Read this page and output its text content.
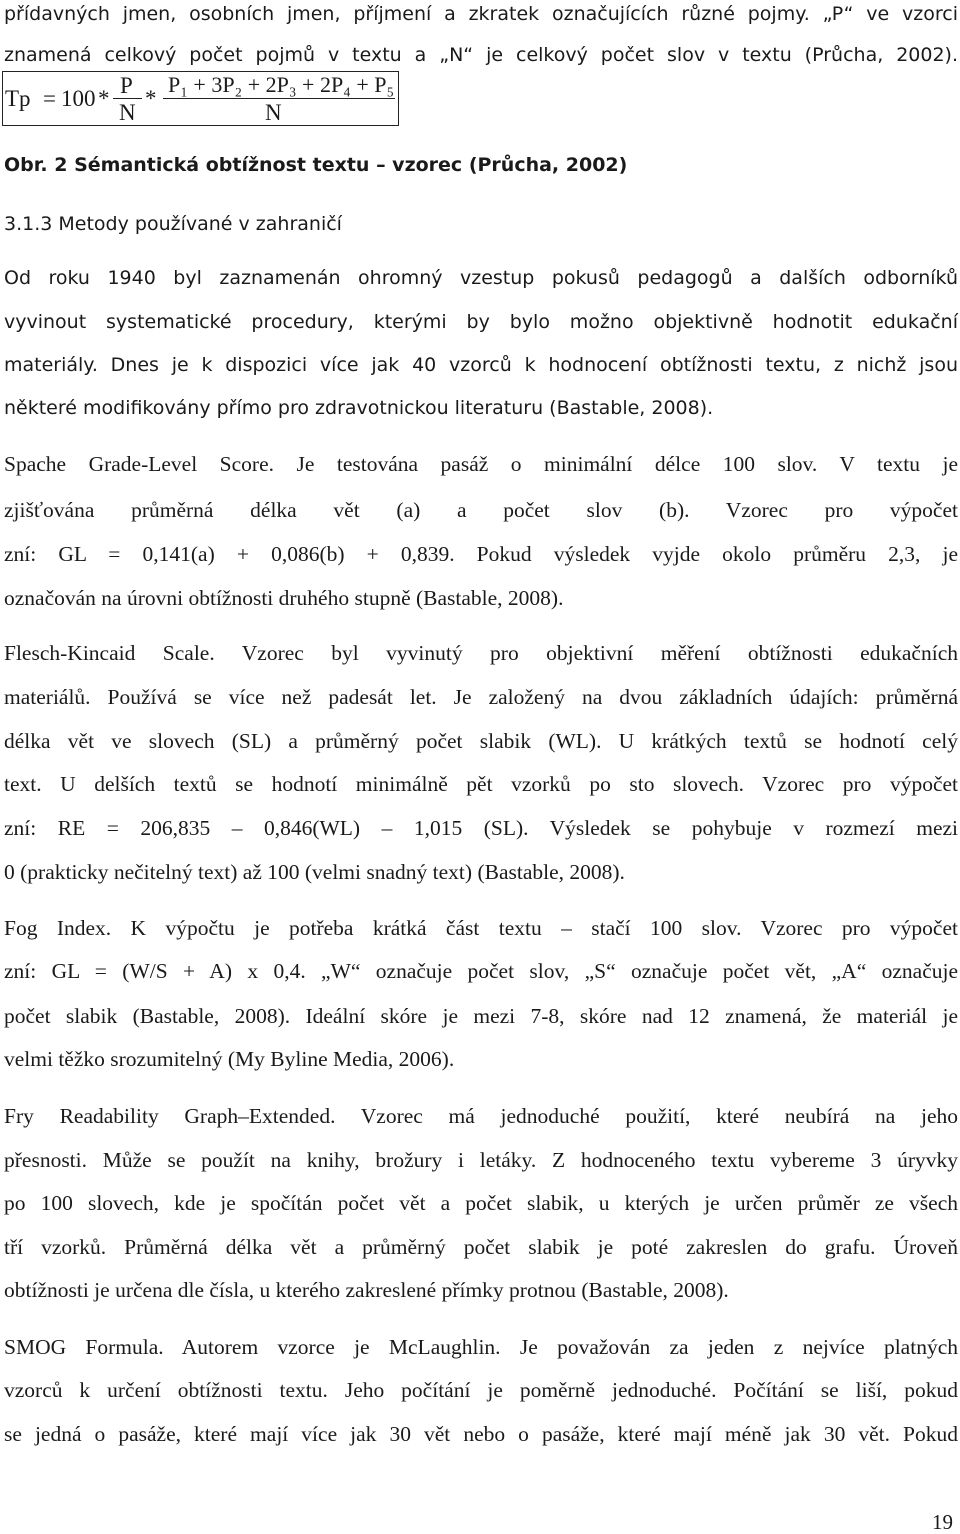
přídavných jmen, osobních jmen, příjmení a zkratek označujících různé pojmy. „P“ ve vzorci
znamená celkový počet pojmů v textu a „N“ je celkový počet slov v textu (Průcha, 2002).
Tp = 100 *
P
N
*
P₁ + 3P₂ + 2P₃ + 2P₄ + P₅
N
Obr. 2 Sémantická obtížnost textu – vzorec (Průcha, 2002)
3.1.3 Metody používané v zahraničí
Od roku 1940 byl zaznamenán ohromný vzestup pokusů pedagogů a dalších odborníků
vyvinout systematické procedury, kterými by bylo možno objektivně hodnotit edukační
materiály. Dnes je k dispozici více jak 40 vzorců k hodnocení obtížnosti textu, z nichž jsou
některé modifikovány přímo pro zdravotnickou literaturu (Bastable, 2008).
Spache Grade-Level Score. Je testována pasáž o minimální délce 100 slov. V textu je
zjišťována průměrná délka vět (a) a počet slov (b). Vzorec pro výpočet
zní: GL = 0,141(a) + 0,086(b) + 0,839. Pokud výsledek vyjde okolo průměru 2,3, je
označován na úrovni obtížnosti druhého stupně (Bastable, 2008).
Flesch-Kincaid Scale. Vzorec byl vyvinutý pro objektivní měření obtížnosti edukačních
materiálů. Používá se více než padesát let. Je založený na dvou základních údajích: průměrná
délka vět ve slovech (SL) a průměrný počet slabik (WL). U krátkých textů se hodnotí celý
text. U delších textů se hodnotí minimálně pět vzorků po sto slovech. Vzorec pro výpočet
zní: RE = 206,835 – 0,846(WL) – 1,015 (SL). Výsledek se pohybuje v rozmezí mezi
0 (prakticky nečitelný text) až 100 (velmi snadný text) (Bastable, 2008).
Fog Index. K výpočtu je potřeba krátká část textu – stačí 100 slov. Vzorec pro výpočet
zní: GL = (W/S + A) x 0,4. „W“ označuje počet slov, „S“ označuje počet vět, „A“ označuje
počet slabik (Bastable, 2008). Ideální skóre je mezi 7-8, skóre nad 12 znamená, že materiál je
velmi těžko srozumitelný (My Byline Media, 2006).
Fry Readability Graph–Extended. Vzorec má jednoduché použití, které neubírá na jeho
přesnosti. Může se použít na knihy, brožury i letáky. Z hodnoceného textu vybereme 3 úryvky
po 100 slovech, kde je spočítán počet vět a počet slabik, u kterých je určen průměr ze všech
tří vzorků. Průměrná délka vět a průměrný počet slabik je poté zakreslen do grafu. Úroveň
obtížnosti je určena dle čísla, u kterého zakreslené přímky protnou (Bastable, 2008).
SMOG Formula. Autorem vzorce je McLaughlin. Je považován za jeden z nejvíce platných
vzorců k určení obtížnosti textu. Jeho počítání je poměrně jednoduché. Počítání se liší, pokud
se jedná o pasáže, které mají více jak 30 vět nebo o pasáže, které mají méně jak 30 vět. Pokud
19
